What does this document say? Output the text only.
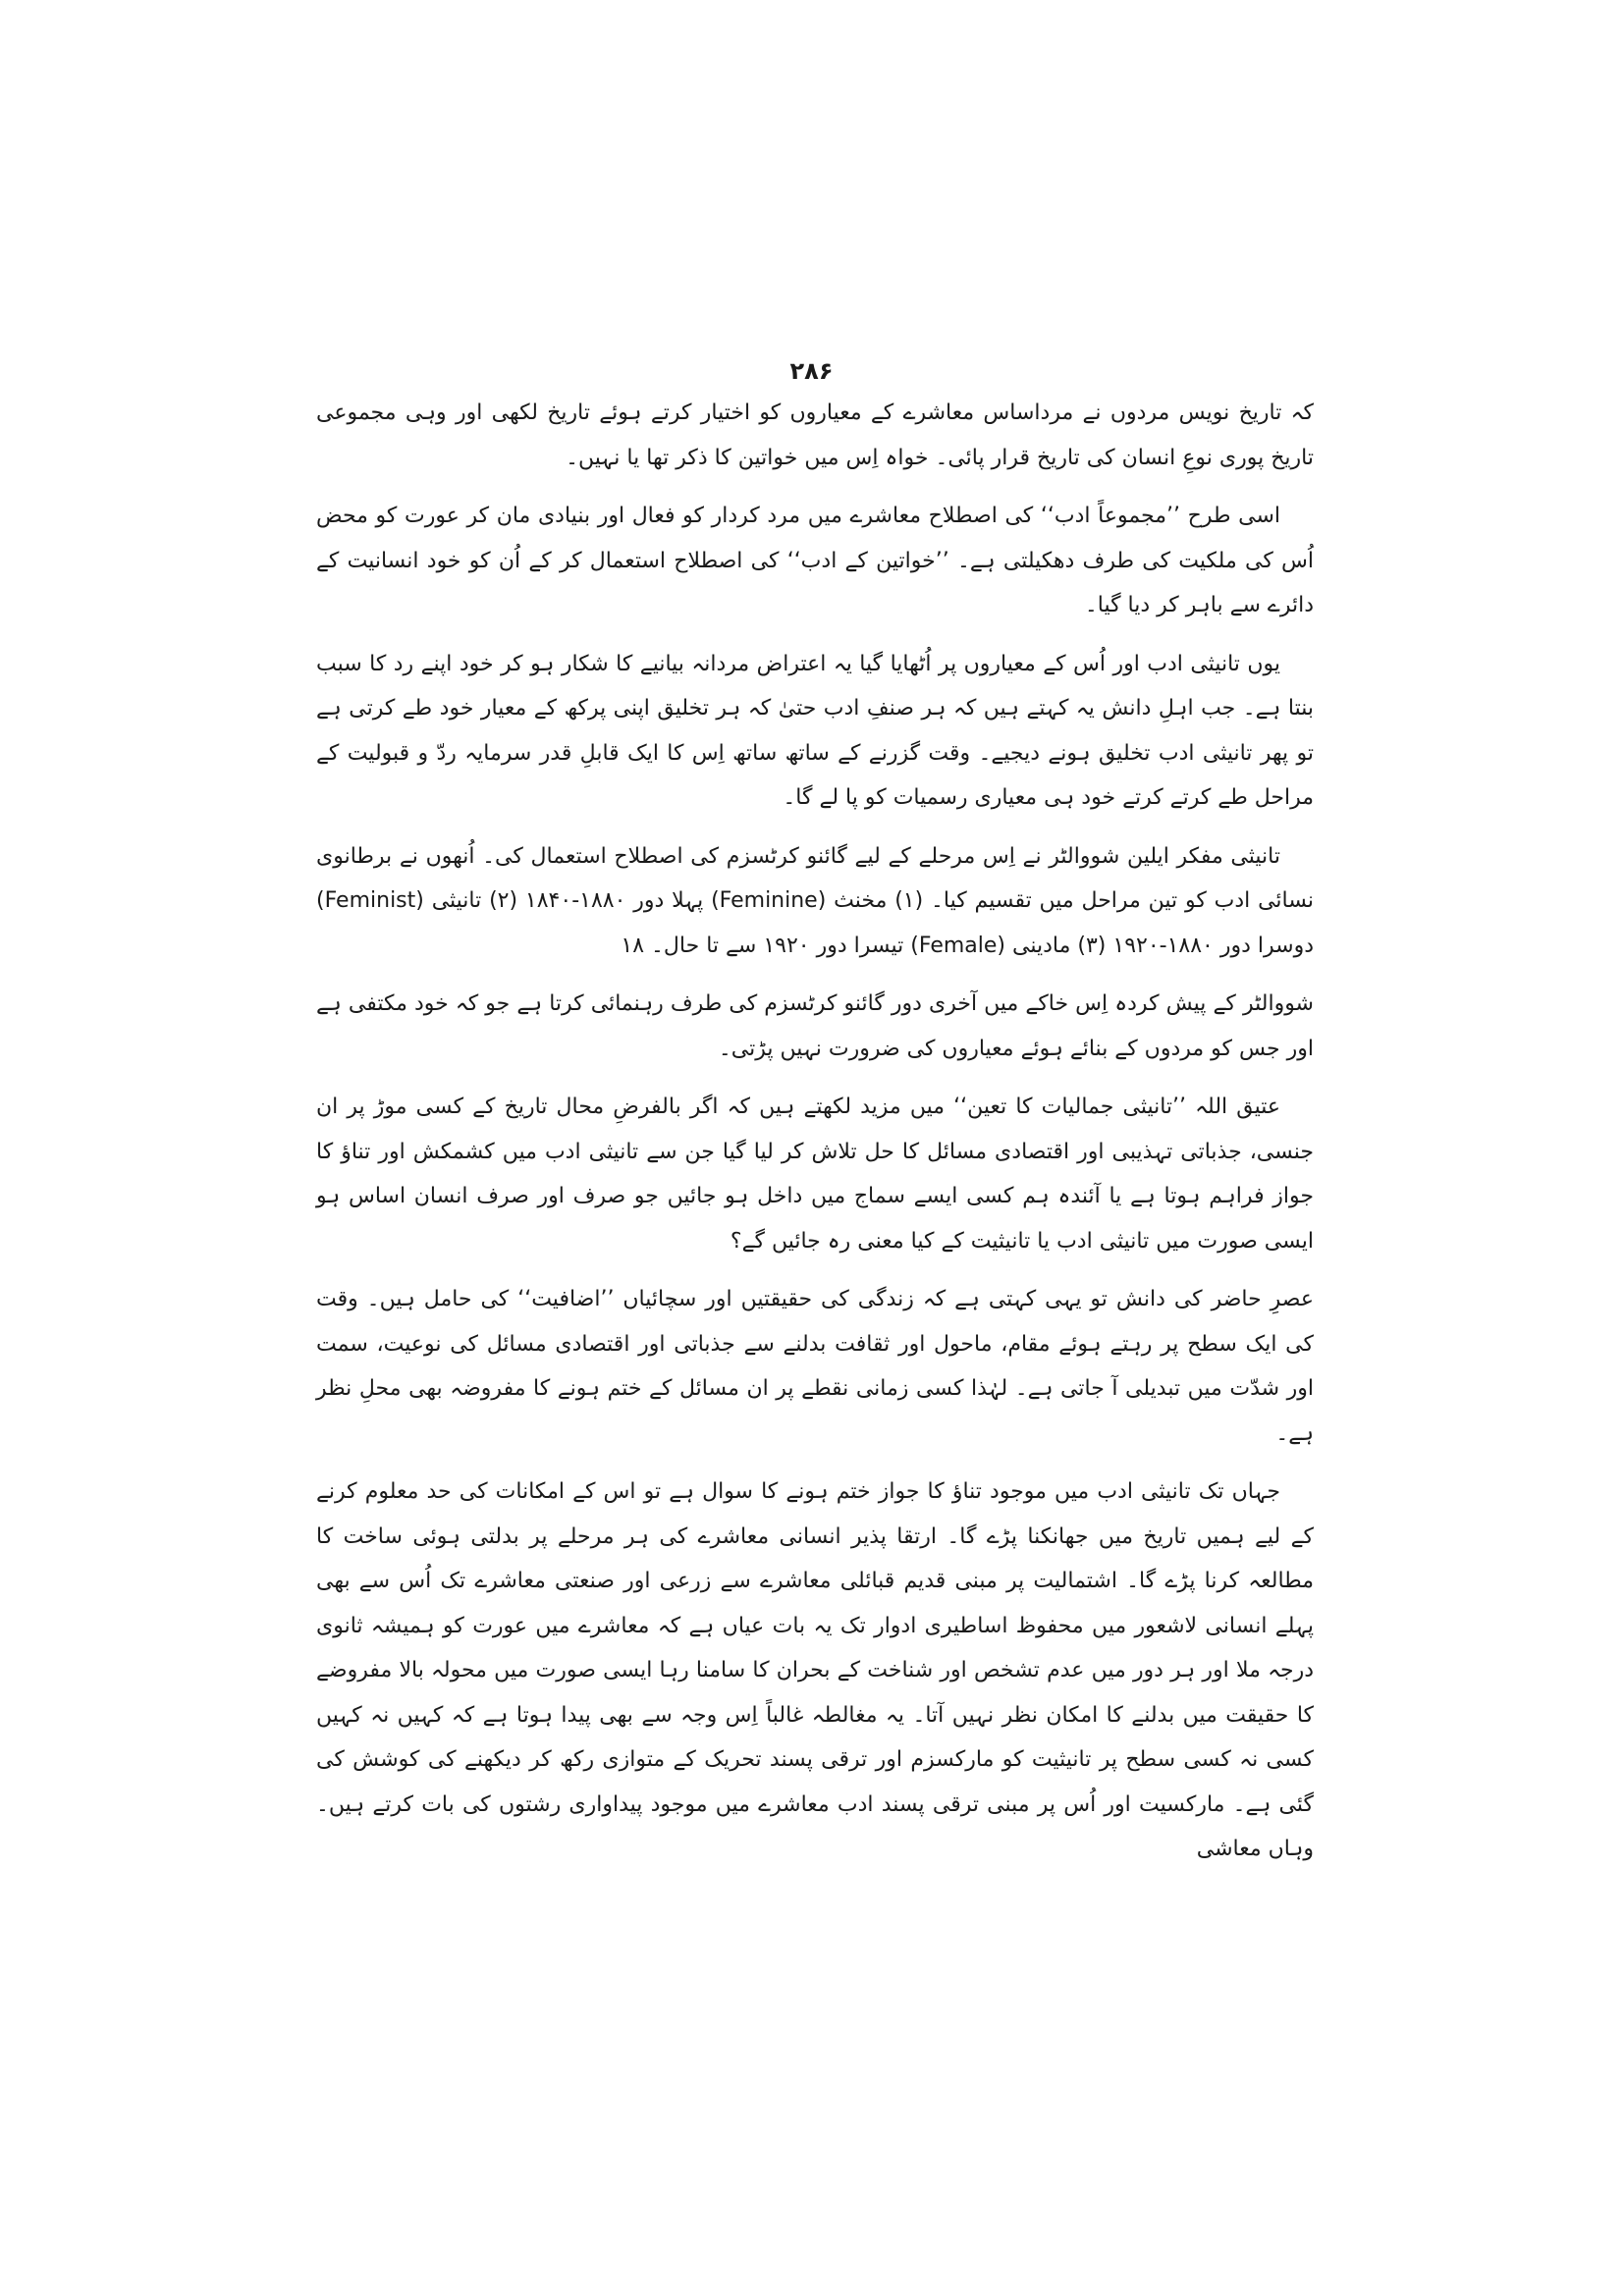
۲۸۶

کہ تاریخ نویس مردوں نے مرداساس معاشرے کے معیاروں کو اختیار کرتے ہوئے تاریخ لکھی اور وہی مجموعی تاریخ پوری نوعِ انسان کی تاریخ قرار پائی۔ خواہ اِس میں خواتین کا ذکر تھا یا نہیں۔

اسی طرح ’’مجموعاً ادب‘‘ کی اصطلاح معاشرے میں مرد کردار کو فعال اور بنیادی مان کر عورت کو محض اُس کی ملکیت کی طرف دھکیلتی ہے۔ ’’خواتین کے ادب‘‘ کی اصطلاح استعمال کر کے اُن کو خود انسانیت کے دائرے سے باہر کر دیا گیا۔

یوں تانیثی ادب اور اُس کے معیاروں پر اُٹھایا گیا یہ اعتراض مردانہ بیانیے کا شکار ہو کر خود اپنے رد کا سبب بنتا ہے۔ جب اہلِ دانش یہ کہتے ہیں کہ ہر صنفِ ادب حتیٰ کہ ہر تخلیق اپنی پرکھ کے معیار خود طے کرتی ہے تو پھر تانیثی ادب تخلیق ہونے دیجیے۔ وقت گزرنے کے ساتھ ساتھ اِس کا ایک قابلِ قدر سرمایہ ردّ و قبولیت کے مراحل طے کرتے کرتے خود ہی معیاری رسمیات کو پا لے گا۔

تانیثی مفکر ایلین شووالٹر نے اِس مرحلے کے لیے گائنو کرٹسزم کی اصطلاح استعمال کی۔ اُنھوں نے برطانوی نسائی ادب کو تین مراحل میں تقسیم کیا۔ (۱) مخنث (Feminine) پہلا دور ۱۸۸۰-۱۸۴۰ (۲) تانیثی (Feminist) دوسرا دور ۱۸۸۰-۱۹۲۰ (۳) مادینی (Female) تیسرا دور ۱۹۲۰ سے تا حال۔ ۱۸

شووالٹر کے پیش کردہ اِس خاکے میں آخری دور گائنو کرٹسزم کی طرف رہنمائی کرتا ہے جو کہ خود مکتفی ہے اور جس کو مردوں کے بنائے ہوئے معیاروں کی ضرورت نہیں پڑتی۔

عتیق اللہ ’’تانیثی جمالیات کا تعین‘‘ میں مزید لکھتے ہیں کہ اگر بالفرضِ محال تاریخ کے کسی موڑ پر ان جنسی، جذباتی تہذیبی اور اقتصادی مسائل کا حل تلاش کر لیا گیا جن سے تانیثی ادب میں کشمکش اور تناؤ کا جواز فراہم ہوتا ہے یا آئندہ ہم کسی ایسے سماج میں داخل ہو جائیں جو صرف اور صرف انسان اساس ہو ایسی صورت میں تانیثی ادب یا تانیثیت کے کیا معنی رہ جائیں گے؟

عصرِ حاضر کی دانش تو یہی کہتی ہے کہ زندگی کی حقیقتیں اور سچائیاں ’’اضافیت‘‘ کی حامل ہیں۔ وقت کی ایک سطح پر رہتے ہوئے مقام، ماحول اور ثقافت بدلنے سے جذباتی اور اقتصادی مسائل کی نوعیت، سمت اور شدّت میں تبدیلی آ جاتی ہے۔ لہٰذا کسی زمانی نقطے پر ان مسائل کے ختم ہونے کا مفروضہ بھی محلِ نظر ہے۔

جہاں تک تانیثی ادب میں موجود تناؤ کا جواز ختم ہونے کا سوال ہے تو اس کے امکانات کی حد معلوم کرنے کے لیے ہمیں تاریخ میں جھانکنا پڑے گا۔ ارتقا پذیر انسانی معاشرے کی ہر مرحلے پر بدلتی ہوئی ساخت کا مطالعہ کرنا پڑے گا۔ اشتمالیت پر مبنی قدیم قبائلی معاشرے سے زرعی اور صنعتی معاشرے تک اُس سے بھی پہلے انسانی لاشعور میں محفوظ اساطیری ادوار تک یہ بات عیاں ہے کہ معاشرے میں عورت کو ہمیشہ ثانوی درجہ ملا اور ہر دور میں عدم تشخص اور شناخت کے بحران کا سامنا رہا ایسی صورت میں محولہ بالا مفروضے کا حقیقت میں بدلنے کا امکان نظر نہیں آتا۔ یہ مغالطہ غالباً اِس وجہ سے بھی پیدا ہوتا ہے کہ کہیں نہ کہیں کسی نہ کسی سطح پر تانیثیت کو مارکسزم اور ترقی پسند تحریک کے متوازی رکھ کر دیکھنے کی کوشش کی گئی ہے۔ مارکسیت اور اُس پر مبنی ترقی پسند ادب معاشرے میں موجود پیداواری رشتوں کی بات کرتے ہیں۔ وہاں معاشی
